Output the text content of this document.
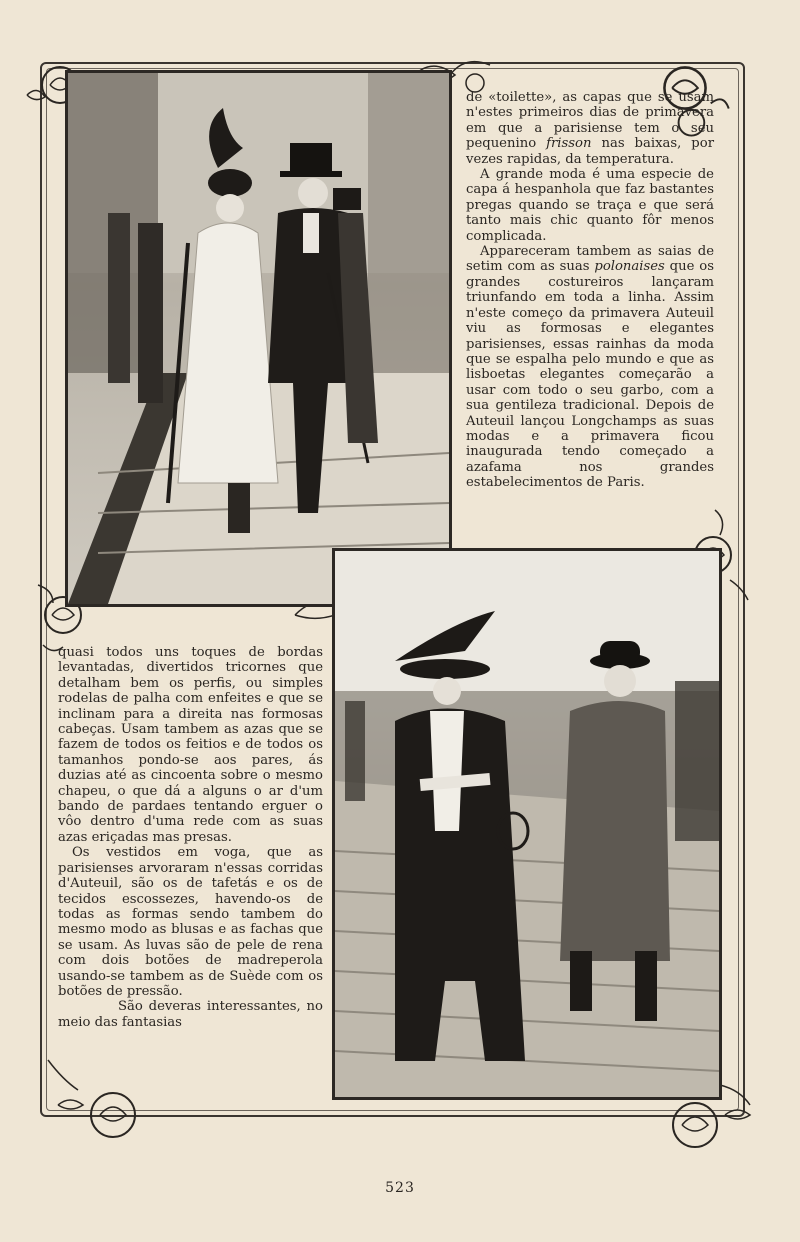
de «toilette», as capas que se usam n'estes primeiros dias de primavera em que a parisiense tem o seu pequenino frisson nas baixas, por vezes rapidas, da temperatura.

A grande moda é uma especie de capa á hespanhola que faz bastantes pregas quando se traça e que será tanto mais chic quanto fôr menos complicada.

Appareceram tambem as saias de setim com as suas polonaises que os grandes costureiros lançaram triunfando em toda a linha. Assim n'este começo da primavera Auteuil viu as formosas e elegantes parisienses, essas rainhas da moda que se espalha pelo mundo e que as lisboetas elegantes começarão a usar com todo o seu garbo, com a sua gentileza tradicional. Depois de Auteuil lançou Longchamps as suas modas e a primavera ficou inaugurada tendo começado a azafama nos grandes estabelecimentos de Paris.

quasi todos uns toques de bordas levantadas, divertidos tricornes que detalham bem os perfis, ou simples rodelas de palha com enfeites e que se inclinam para a direita nas formosas cabeças. Usam tambem as azas que se fazem de todos os feitios e de todos os tamanhos pondo-se aos pares, ás duzias até as cincoenta sobre o mesmo chapeu, o que dá a alguns o ar d'um bando de pardaes tentando erguer o vôo dentro d'uma rede com as suas azas eriçadas mas presas.

Os vestidos em voga, que as parisienses arvoraram n'essas corridas d'Auteuil, são os de tafetás e os de tecidos escossezes, havendo-os de todas as formas sendo tambem do mesmo modo as blusas e as fachas que se usam. As luvas são de pele de rena com dois botões de madreperola usando-se tambem as de Suède com os botões de pressão.

São deveras interessantes, no meio das fantasias

523
